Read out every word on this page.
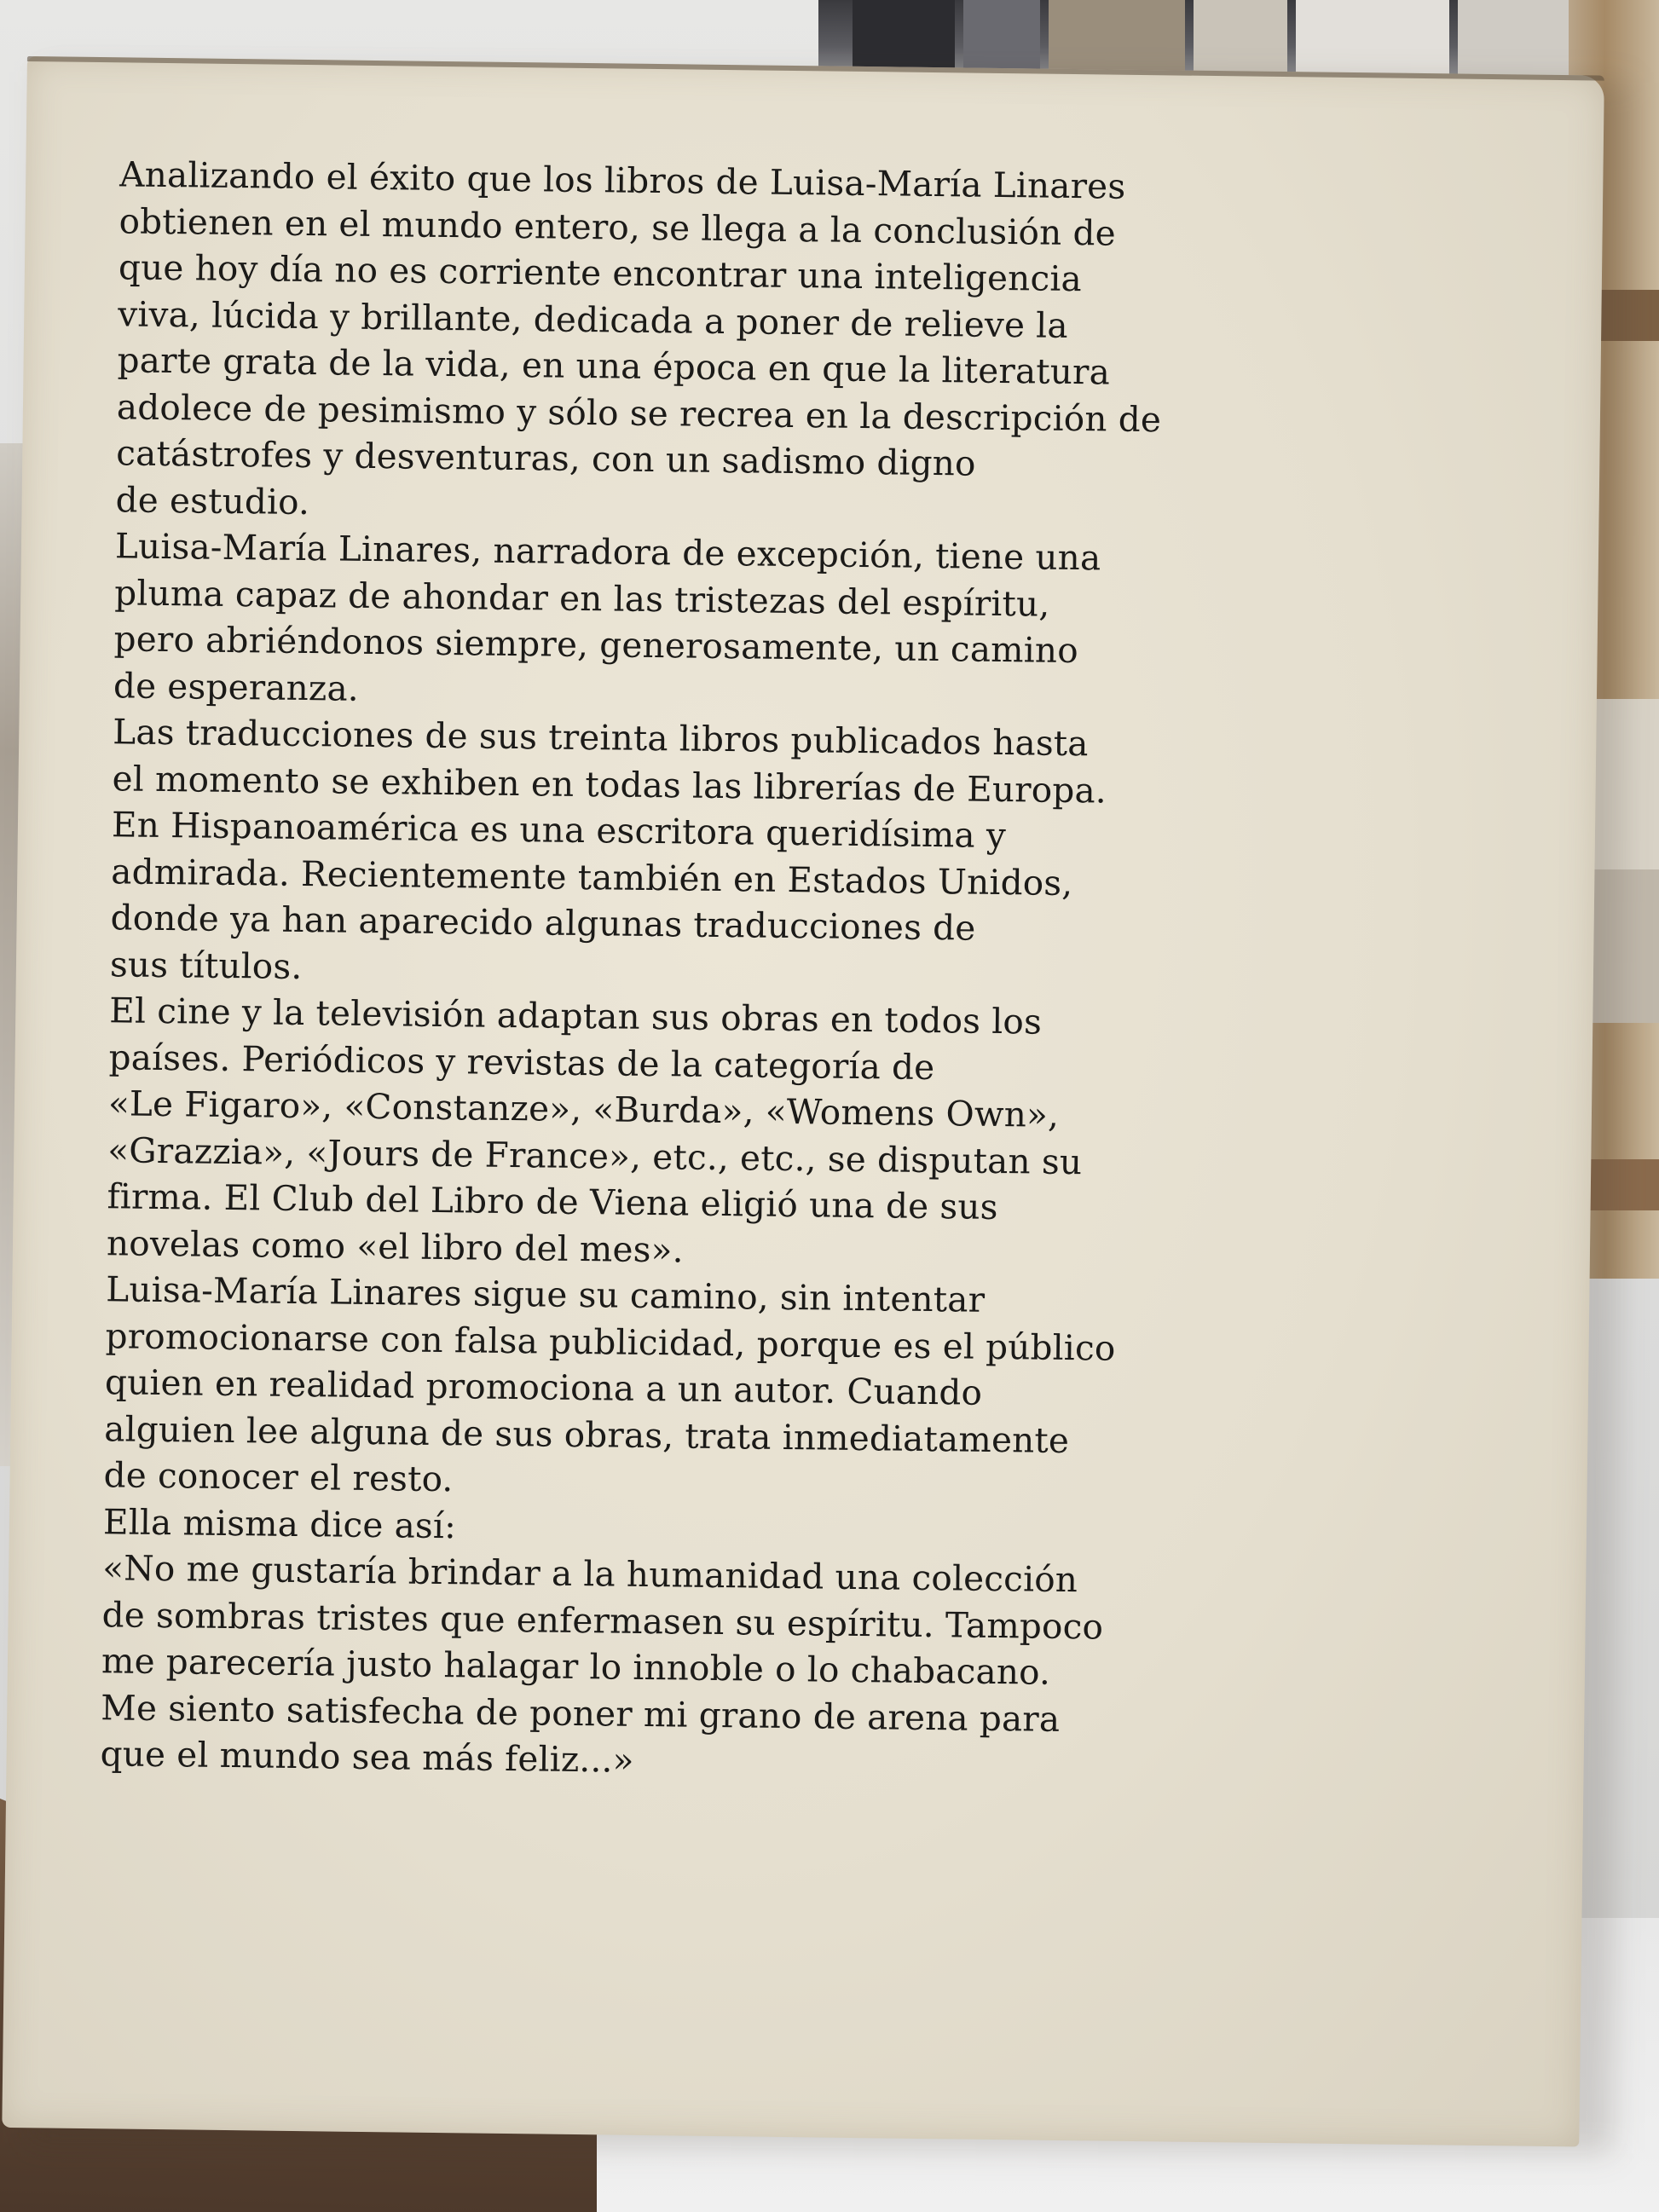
Analizando el éxito que los libros de Luisa-María Linares
obtienen en el mundo entero, se llega a la conclusión de
que hoy día no es corriente encontrar una inteligencia
viva, lúcida y brillante, dedicada a poner de relieve la
parte grata de la vida, en una época en que la literatura
adolece de pesimismo y sólo se recrea en la descripción de
catástrofes y desventuras, con un sadismo digno
de estudio.

Luisa-María Linares, narradora de excepción, tiene una
pluma capaz de ahondar en las tristezas del espíritu,
pero abriéndonos siempre, generosamente, un camino
de esperanza.

Las traducciones de sus treinta libros publicados hasta
el momento se exhiben en todas las librerías de Europa.
En Hispanoamérica es una escritora queridísima y
admirada. Recientemente también en Estados Unidos,
donde ya han aparecido algunas traducciones de
sus títulos.

El cine y la televisión adaptan sus obras en todos los
países. Periódicos y revistas de la categoría de
«Le Figaro», «Constanze», «Burda», «Womens Own»,
«Grazzia», «Jours de France», etc., etc., se disputan su
firma. El Club del Libro de Viena eligió una de sus
novelas como «el libro del mes».

Luisa-María Linares sigue su camino, sin intentar
promocionarse con falsa publicidad, porque es el público
quien en realidad promociona a un autor. Cuando
alguien lee alguna de sus obras, trata inmediatamente
de conocer el resto.

Ella misma dice así:

«No me gustaría brindar a la humanidad una colección
de sombras tristes que enfermasen su espíritu. Tampoco
me parecería justo halagar lo innoble o lo chabacano.
Me siento satisfecha de poner mi grano de arena para
que el mundo sea más feliz...»
